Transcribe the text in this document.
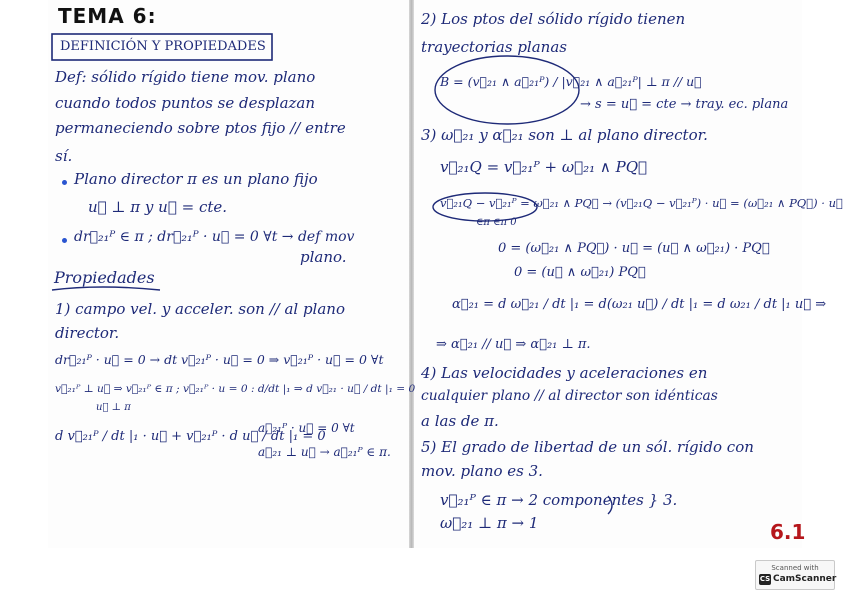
TEMA 6:
DEFINICIÓN Y PROPIEDADES
Def: sólido rígido tiene mov. plano
cuando todos puntos se desplazan
permaneciendo sobre ptos fijo // entre
sí.
Plano director π es un plano fijo
u⃗ ⊥ π y u⃗ = cte.
dr⃗₂₁ᴾ ∈ π ; dr⃗₂₁ᴾ · u⃗ = 0 ∀t → def mov
plano.
Propiedades
1) campo vel. y acceler. son // al plano
director.
dr⃗₂₁ᴾ · u⃗ = 0 → dt v⃗₂₁ᴾ · u⃗ = 0 ⇒ v⃗₂₁ᴾ · u⃗ = 0 ∀t
v⃗₂₁ᴾ ⊥ u⃗ ⇒ v⃗₂₁ᴾ ∈ π ; v⃗₂₁ᴾ · u = 0 : d/dt |₁ ⇒ d v⃗₂₁ · u⃗ / dt |₁ = 0
u⃗ ⊥ π
d v⃗₂₁ᴾ / dt |₁ · u⃗ + v⃗₂₁ᴾ · d u⃗ / dt |₁ = 0
a⃗₂₁ᴾ · u⃗ = 0 ∀t
a⃗₂₁ ⊥ u⃗ → a⃗₂₁ᴾ ∈ π.
2) Los ptos del sólido rígido tienen
trayectorias planas
B = (v⃗₂₁ ∧ a⃗₂₁ᴾ) / |v⃗₂₁ ∧ a⃗₂₁ᴾ| ⊥ π // u⃗
→ s = u⃗ = cte → tray. ec. plana
3) ω⃗₂₁ y α⃗₂₁ son ⊥ al plano director.
v⃗₂₁Q = v⃗₂₁ᴾ + ω⃗₂₁ ∧ PQ⃗
v⃗₂₁Q − v⃗₂₁ᴾ = ω⃗₂₁ ∧ PQ⃗ → (v⃗₂₁Q − v⃗₂₁ᴾ) · u⃗ = (ω⃗₂₁ ∧ PQ⃗) · u⃗
∈π ∈π 0
0 = (ω⃗₂₁ ∧ PQ⃗) · u⃗ = (u⃗ ∧ ω⃗₂₁) · PQ⃗
0 = (u⃗ ∧ ω⃗₂₁) PQ⃗
α⃗₂₁ = d ω⃗₂₁ / dt |₁ = d(ω₂₁ u⃗) / dt |₁ = d ω₂₁ / dt |₁ u⃗ ⇒
⇒ α⃗₂₁ // u⃗ ⇒ α⃗₂₁ ⊥ π.
4) Las velocidades y aceleraciones en
cualquier plano // al director son idénticas
a las de π.
5) El grado de libertad de un sól. rígido con
mov. plano es 3.
v⃗₂₁ᴾ ∈ π → 2 componentes } 3.
ω⃗₂₁ ⊥ π → 1	6.1
Scanned with
CS CamScanner
